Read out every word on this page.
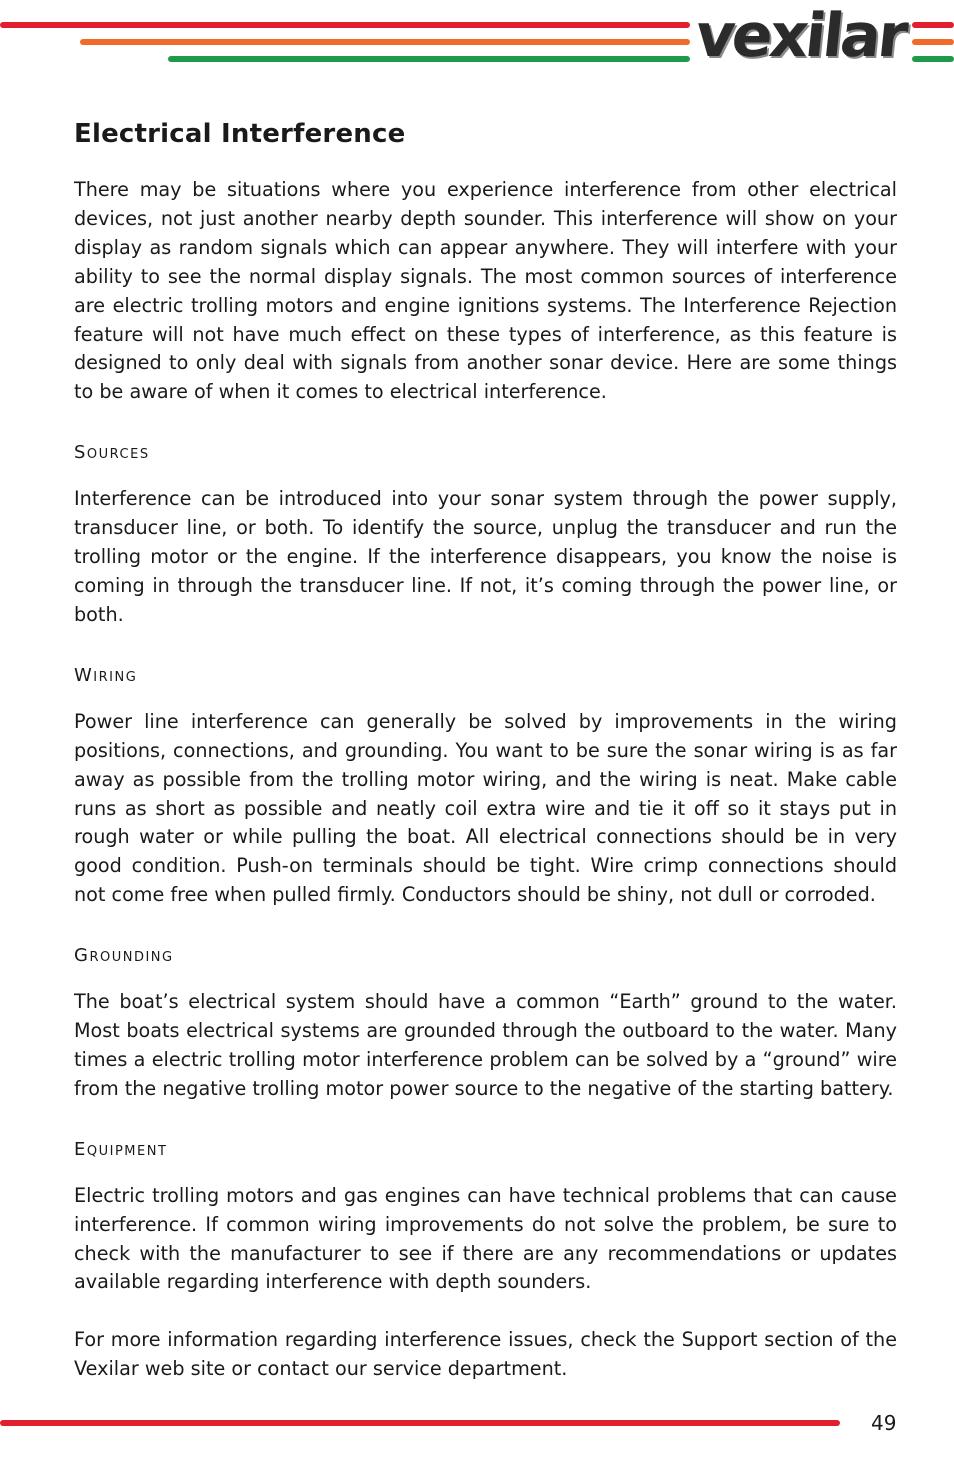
vexilar
Electrical Interference

There may be situations where you experience interference from other electrical devices, not just another nearby depth sounder. This interference will show on your display as random signals which can appear anywhere. They will interfere with your ability to see the normal display signals. The most common sources of interference are electric trolling motors and engine ignitions systems. The Interference Rejection feature will not have much effect on these types of interference, as this feature is designed to only deal with signals from another sonar device. Here are some things to be aware of when it comes to electrical interference.

Sources

Interference can be introduced into your sonar system through the power supply, transducer line, or both. To identify the source, unplug the transducer and run the trolling motor or the engine. If the interference disappears, you know the noise is coming in through the transducer line. If not, it’s coming through the power line, or both.

Wiring

Power line interference can generally be solved by improvements in the wiring positions, connections, and grounding. You want to be sure the sonar wiring is as far away as possible from the trolling motor wiring, and the wiring is neat. Make cable runs as short as possible and neatly coil extra wire and tie it off so it stays put in rough water or while pulling the boat. All electrical connections should be in very good condition. Push-on terminals should be tight. Wire crimp connections should not come free when pulled firmly. Conductors should be shiny, not dull or corroded.

Grounding

The boat’s electrical system should have a common “Earth” ground to the water. Most boats electrical systems are grounded through the outboard to the water. Many times a electric trolling motor interference problem can be solved by a “ground” wire from the negative trolling motor power source to the negative of the starting battery.

Equipment

Electric trolling motors and gas engines can have technical problems that can cause interference. If common wiring improvements do not solve the problem, be sure to check with the manufacturer to see if there are any recommendations or updates available regarding interference with depth sounders.

For more information regarding interference issues, check the Support section of the Vexilar web site or contact our service department.

49
